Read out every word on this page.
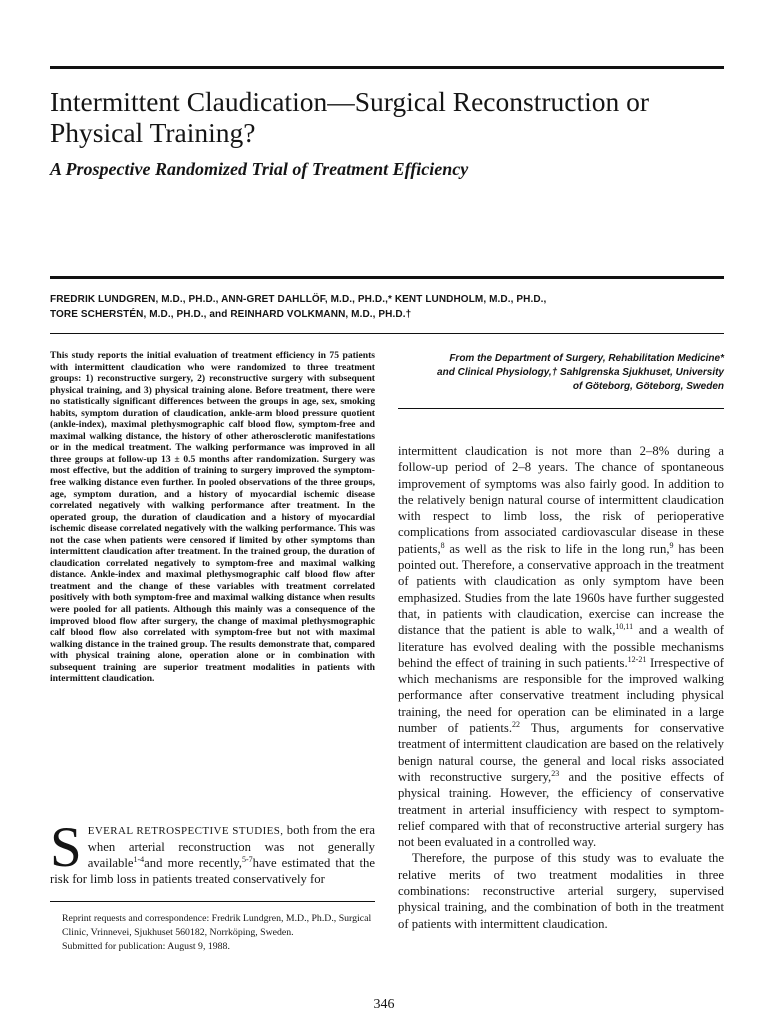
Intermittent Claudication—Surgical Reconstruction or Physical Training?
A Prospective Randomized Trial of Treatment Efficiency
FREDRIK LUNDGREN, M.D., PH.D., ANN-GRET DAHLLÖF, M.D., PH.D.,* KENT LUNDHOLM, M.D., PH.D.,
TORE SCHERSTÉN, M.D., PH.D., and REINHARD VOLKMANN, M.D., PH.D.†

This study reports the initial evaluation of treatment efficiency in 75 patients with intermittent claudication who were randomized to three treatment groups: 1) reconstructive surgery, 2) reconstructive surgery with subsequent physical training, and 3) physical training alone. Before treatment, there were no statistically significant differences between the groups in age, sex, smoking habits, symptom duration of claudication, ankle-arm blood pressure quotient (ankle-index), maximal plethysmographic calf blood flow, symptom-free and maximal walking distance, the history of other atherosclerotic manifestations or in the medical treatment. The walking performance was improved in all three groups at follow-up 13 ± 0.5 months after randomization. Surgery was most effective, but the addition of training to surgery improved the symptom-free walking distance even further. In pooled observations of the three groups, age, symptom duration, and a history of myocardial ischemic disease correlated negatively with walking performance after treatment. In the operated group, the duration of claudication and a history of myocardial ischemic disease correlated negatively with the walking performance. This was not the case when patients were censored if limited by other symptoms than intermittent claudication after treatment. In the trained group, the duration of claudication correlated negatively to symptom-free and maximal walking distance. Ankle-index and maximal plethysmographic calf blood flow after treatment and the change of these variables with treatment correlated positively with both symptom-free and maximal walking distance when results were pooled for all patients. Although this mainly was a consequence of the improved blood flow after surgery, the change of maximal plethysmographic calf blood flow also correlated with symptom-free but not with maximal walking distance in the trained group. The results demonstrate that, compared with physical training alone, operation alone or in combination with subsequent training are superior treatment modalities in patients with intermittent claudication.

SEVERAL RETROSPECTIVE STUDIES, both from the era when arterial reconstruction was not generally available$^{1-4}$and more recently,$^{5-7}$have estimated that the risk for limb loss in patients treated conservatively for

Reprint requests and correspondence: Fredrik Lundgren, M.D., Ph.D., Surgical Clinic, Vrinnevei, Sjukhuset 560182, Norrköping, Sweden.

Submitted for publication: August 9, 1988.

From the Department of Surgery, Rehabilitation Medicine*
and Clinical Physiology,† Sahlgrenska Sjukhuset, University
of Göteborg, Göteborg, Sweden

intermittent claudication is not more than 2–8% during a follow-up period of 2–8 years. The chance of spontaneous improvement of symptoms was also fairly good. In addition to the relatively benign natural course of intermittent claudication with respect to limb loss, the risk of perioperative complications from associated cardiovascular disease in these patients,$^8$ as well as the risk to life in the long run,$^9$ has been pointed out. Therefore, a conservative approach in the treatment of patients with claudication as only symptom have been emphasized. Studies from the late 1960s have further suggested that, in patients with claudication, exercise can increase the distance that the patient is able to walk,$^{10,11}$ and a wealth of literature has evolved dealing with the possible mechanisms behind the effect of training in such patients.$^{12-21}$ Irrespective of which mechanisms are responsible for the improved walking performance after conservative treatment including physical training, the need for operation can be eliminated in a large number of patients.$^{22}$ Thus, arguments for conservative treatment of intermittent claudication are based on the relatively benign natural course, the general and local risks associated with reconstructive surgery,$^{23}$ and the positive effects of physical training. However, the efficiency of conservative treatment in arterial insufficiency with respect to symptom-relief compared with that of reconstructive arterial surgery has not been evaluated in a controlled way.

Therefore, the purpose of this study was to evaluate the relative merits of two treatment modalities in three combinations: reconstructive arterial surgery, supervised physical training, and the combination of both in the treatment of patients with intermittent claudication.

346
